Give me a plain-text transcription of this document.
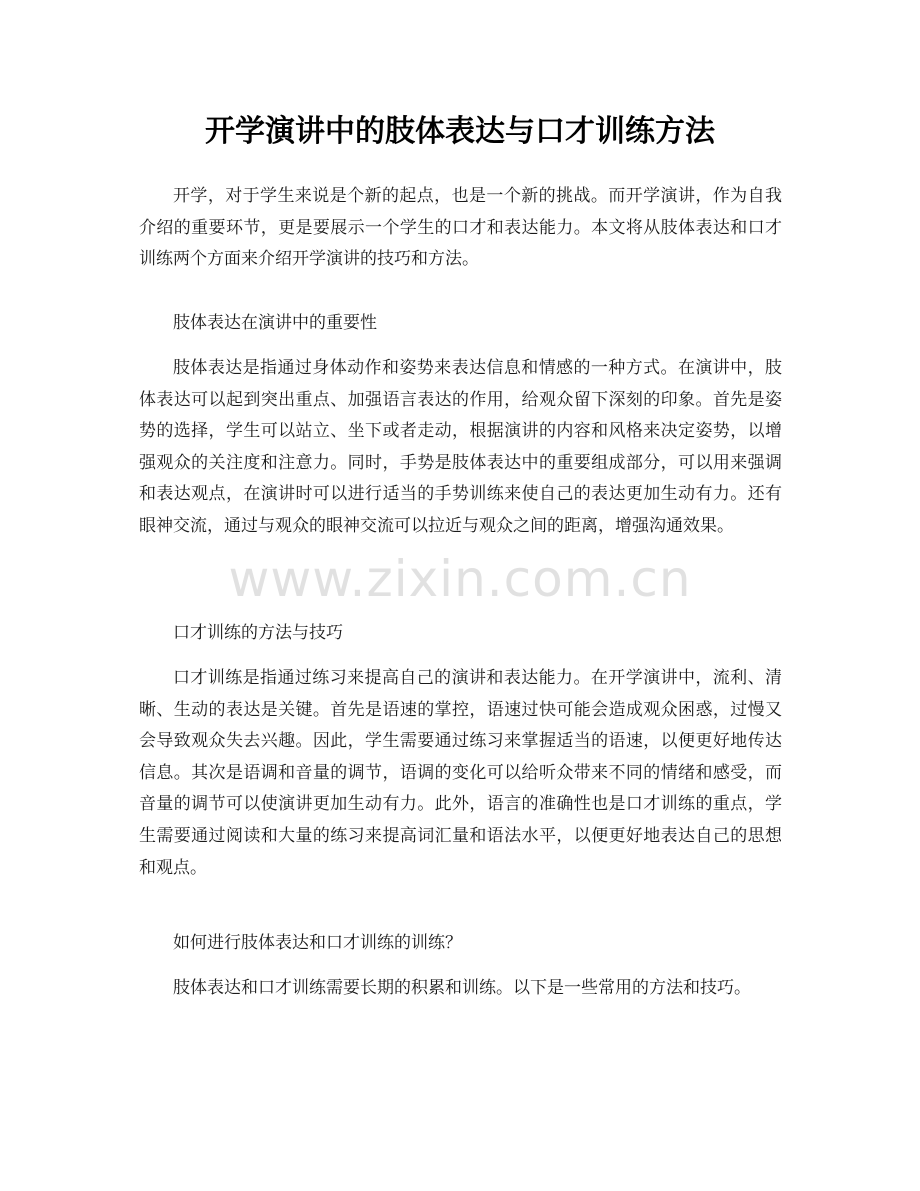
开学演讲中的肢体表达与口才训练方法

开学，对于学生来说是个新的起点，也是一个新的挑战。而开学演讲，作为自我介绍的重要环节，更是要展示一个学生的口才和表达能力。本文将从肢体表达和口才训练两个方面来介绍开学演讲的技巧和方法。

肢体表达在演讲中的重要性

肢体表达是指通过身体动作和姿势来表达信息和情感的一种方式。在演讲中，肢体表达可以起到突出重点、加强语言表达的作用，给观众留下深刻的印象。首先是姿势的选择，学生可以站立、坐下或者走动，根据演讲的内容和风格来决定姿势，以增强观众的关注度和注意力。同时，手势是肢体表达中的重要组成部分，可以用来强调和表达观点，在演讲时可以进行适当的手势训练来使自己的表达更加生动有力。还有眼神交流，通过与观众的眼神交流可以拉近与观众之间的距离，增强沟通效果。

口才训练的方法与技巧

口才训练是指通过练习来提高自己的演讲和表达能力。在开学演讲中，流利、清晰、生动的表达是关键。首先是语速的掌控，语速过快可能会造成观众困惑，过慢又会导致观众失去兴趣。因此，学生需要通过练习来掌握适当的语速，以便更好地传达信息。其次是语调和音量的调节，语调的变化可以给听众带来不同的情绪和感受，而音量的调节可以使演讲更加生动有力。此外，语言的准确性也是口才训练的重点，学生需要通过阅读和大量的练习来提高词汇量和语法水平，以便更好地表达自己的思想和观点。

如何进行肢体表达和口才训练的训练？

肢体表达和口才训练需要长期的积累和训练。以下是一些常用的方法和技巧。

www.zixin.com.cn
